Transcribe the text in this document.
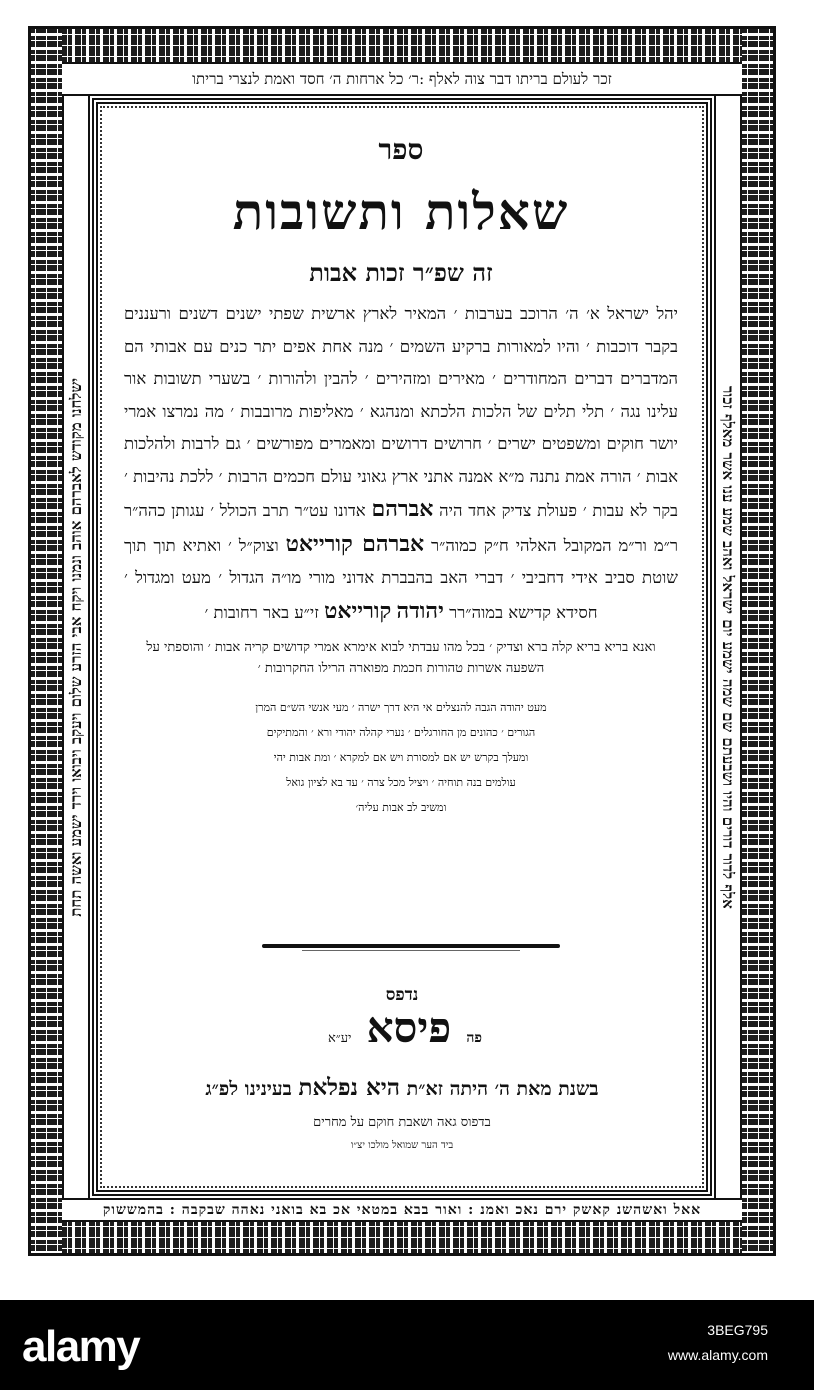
זכר לעולם בריתו דבר צוה לאלף :ר׳ כל ארחות ה׳ חסד ואמת לנצרי בריתו
אאל ואשהשנ קאשק ירם נאכ ואמנ : ואור בבא במטאי אכ בא בואני נאהה שבקבה : בהמששוק
ישלחנו מקודש לאברהם אוהב ונמנו ויקח אבי הזרע שלום ויעקב ויבואו וירד ישמע ואשה תחת	אלף לדור דורים והיו ושבעתם שם שמה ישמע יום ישראל ואהב שמע ענו אשר מאלף זכור
ספר
שאלות ותשובות
זה שפ״ר זכות אבות
יהל ישראל א׳ ה׳ הרוכב בערבות ׳ המאיר לארץ ארשית שפתי ישנים דשנים ורעננים בקבר דוכבות ׳ והיו למאורות ברקיע השמים ׳ מנה אחת אפים יתר כנים עם אבותי הם המדברים דברים המחודרים ׳ מאירים ומזהירים ׳ להבין ולהורות ׳ בשערי תשובות אור עלינו נגה ׳ תלי תלים של הלכות הלכתא ומנהגא ׳ מאליפות מרובבות ׳ מה נמרצו אמרי יושר חוקים ומשפטים ישרים ׳ חרושים דרושים ומאמרים מפורשים ׳ גם לרבות ולהלכות אבות ׳ הורה אמת נתנה מ״א אמנה אתני ארץ גאוני עולם חכמים הרבות ׳ ללכת נהיבות ׳ בקר לא עבות ׳ פעולת צדיק אחד היה אברהם אדונו עט״ר תרב הכולל ׳ עגותן כהה״ר ר״מ ור״מ המקובל האלהי ח״ק כמוה״ר אברהם קורייאט וצוק״ל ׳ ואתיא תוך תוך שוטת סביב אידי דחביבי ׳ דברי האב בהבברת אדוני מורי מו״ה הגדול ׳ מעט ומגדול ׳ חסידא קדישא במוה״רר יהודה קורייאט זי״ע באר רחובות ׳
ואנא בריא בריא קלה ברא וצדיק ׳ בכל מהו עבדתי לבוא אימרא אמרי קדושים קריה אבות ׳ והוספתי על השפעה אשרות טהורות חכמת מפוארה הרילו החקרובות ׳
מעט יהודה הגבה להנצלים אי היא דרך ישרה ׳ מעי אנשי הש״ם המרן
הגורים ׳ כהונים מן החורגלים ׳ נערי קהלה יהודי ורא ׳ והמתיקים
ומעלך בקרש יש אם למסורת ויש אם למקרא ׳ ומת אבות יהי
עולמים בנה תוחיה ׳ ויציל מכל צרה ׳ עד בא לציון גואל
ומשיב לב אבות עליה׳
נדפס
פה פיסא יע״א
בשנת מאת ה׳ היתה זא״ת היא נפלאת בעינינו לפ״ג
בדפוס גאה ושאבת חוקם על מחרים
ביד הער שמואל מולכו יצ״ו
alamy	3BEG795
www.alamy.com
